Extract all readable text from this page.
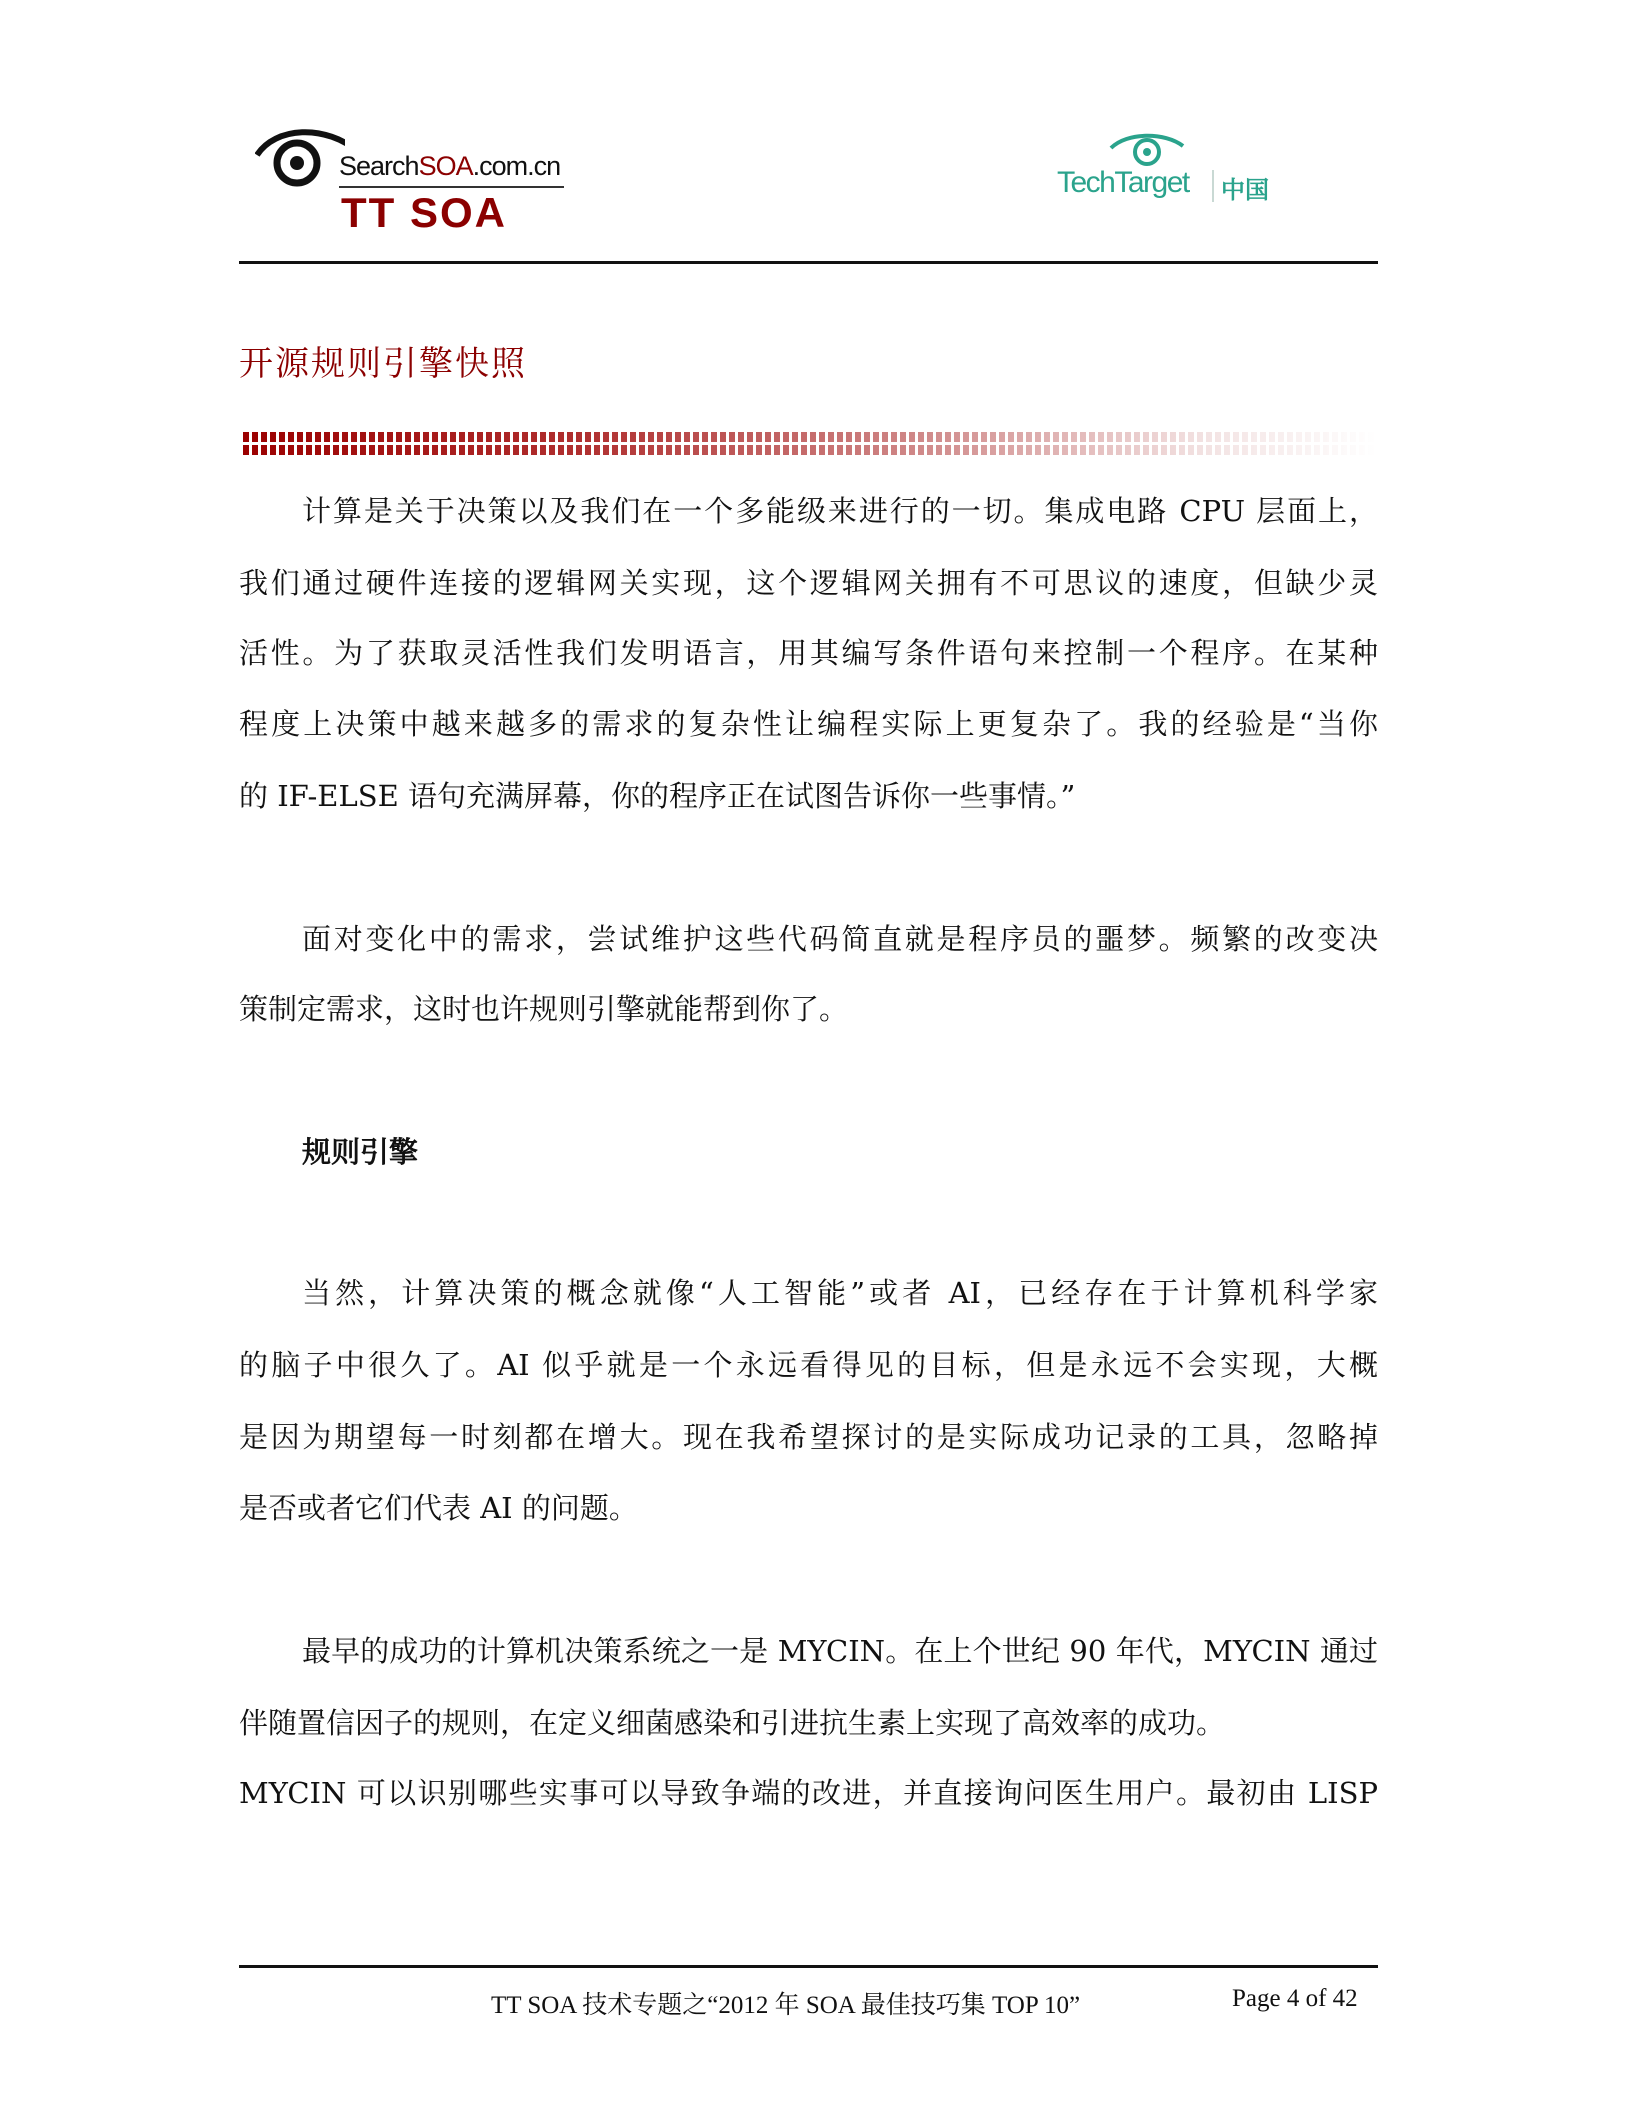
SearchSOA.com.cn
TT SOA
TechTarget 中国
开源规则引擎快照
计算是关于决策以及我们在一个多能级来进行的一切。集成电路 CPU 层面上，
我们通过硬件连接的逻辑网关实现，这个逻辑网关拥有不可思议的速度，但缺少灵
活性。为了获取灵活性我们发明语言，用其编写条件语句来控制一个程序。在某种
程度上决策中越来越多的需求的复杂性让编程实际上更复杂了。我的经验是“当你
的 IF-ELSE 语句充满屏幕，你的程序正在试图告诉你一些事情。”
面对变化中的需求，尝试维护这些代码简直就是程序员的噩梦。频繁的改变决
策制定需求，这时也许规则引擎就能帮到你了。
规则引擎
当然，计算决策的概念就像“人工智能”或者 AI，已经存在于计算机科学家
的脑子中很久了。AI 似乎就是一个永远看得见的目标，但是永远不会实现，大概
是因为期望每一时刻都在增大。现在我希望探讨的是实际成功记录的工具，忽略掉
是否或者它们代表 AI 的问题。
最早的成功的计算机决策系统之一是 MYCIN。在上个世纪 90 年代，MYCIN 通过
伴随置信因子的规则，在定义细菌感染和引进抗生素上实现了高效率的成功。
MYCIN 可以识别哪些实事可以导致争端的改进，并直接询问医生用户。最初由 LISP
TT SOA 技术专题之“2012 年 SOA 最佳技巧集 TOP 10”	Page 4 of 42
